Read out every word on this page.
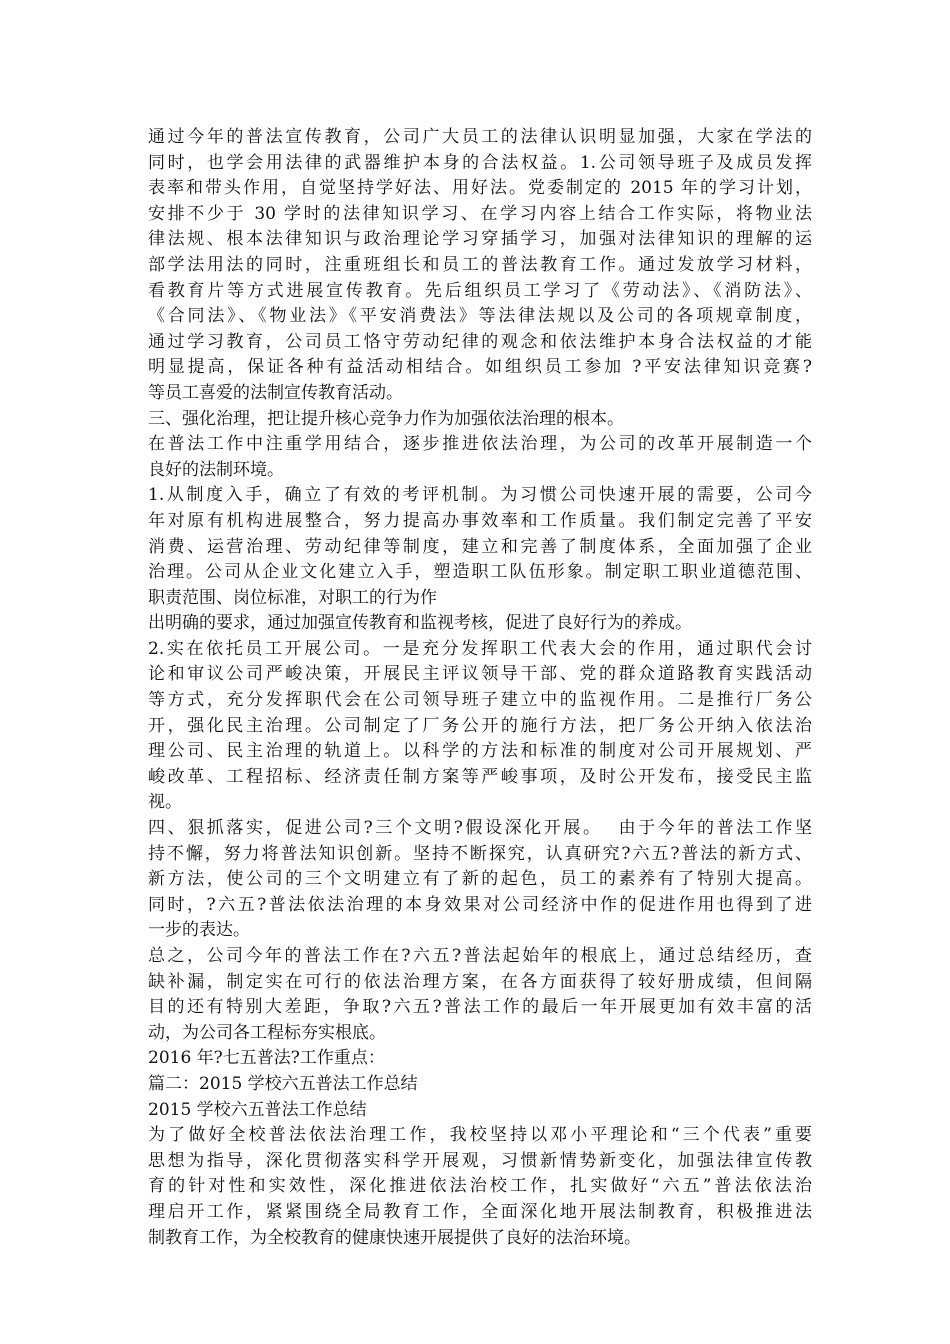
通过今年的普法宣传教育，公司广大员工的法律认识明显加强，大家在学法的
同时，也学会用法律的武器维护本身的合法权益。1.公司领导班子及成员发挥
表率和带头作用，自觉坚持学好法、用好法。党委制定的 2015 年的学习计划，
安排不少于 30 学时的法律知识学习、在学习内容上结合工作实际，将物业法
律法规、根本法律知识与政治理论学习穿插学习，加强对法律知识的理解的运
部学法用法的同时，注重班组长和员工的普法教育工作。通过发放学习材料，
看教育片等方式进展宣传教育。先后组织员工学习了《劳动法》、《消防法》、
《合同法》、《物业法》《平安消费法》等法律法规以及公司的各项规章制度，
通过学习教育，公司员工恪守劳动纪律的观念和依法维护本身合法权益的才能
明显提高，保证各种有益活动相结合。如组织员工参加 ?平安法律知识竞赛?
等员工喜爱的法制宣传教育活动。
三、强化治理，把让提升核心竞争力作为加强依法治理的根本。
在普法工作中注重学用结合，逐步推进依法治理，为公司的改革开展制造一个
良好的法制环境。
1.从制度入手，确立了有效的考评机制。为习惯公司快速开展的需要，公司今
年对原有机构进展整合，努力提高办事效率和工作质量。我们制定完善了平安
消费、运营治理、劳动纪律等制度，建立和完善了制度体系，全面加强了企业
治理。公司从企业文化建立入手，塑造职工队伍形象。制定职工职业道德范围、
职责范围、岗位标准，对职工的行为作
出明确的要求，通过加强宣传教育和监视考核，促进了良好行为的养成。
2.实在依托员工开展公司。一是充分发挥职工代表大会的作用，通过职代会讨
论和审议公司严峻决策，开展民主评议领导干部、党的群众道路教育实践活动
等方式，充分发挥职代会在公司领导班子建立中的监视作用。二是推行厂务公
开，强化民主治理。公司制定了厂务公开的施行方法，把厂务公开纳入依法治
理公司、民主治理的轨道上。以科学的方法和标准的制度对公司开展规划、严
峻改革、工程招标、经济责任制方案等严峻事项，及时公开发布，接受民主监
视。
四、狠抓落实，促进公司?三个文明?假设深化开展。  由于今年的普法工作坚
持不懈，努力将普法知识创新。坚持不断探究，认真研究?六五?普法的新方式、
新方法，使公司的三个文明建立有了新的起色，员工的素养有了特别大提高。
同时，?六五?普法依法治理的本身效果对公司经济中作的促进作用也得到了进
一步的表达。
总之，公司今年的普法工作在?六五?普法起始年的根底上，通过总结经历，查
缺补漏，制定实在可行的依法治理方案，在各方面获得了较好册成绩，但间隔
目的还有特别大差距，争取?六五?普法工作的最后一年开展更加有效丰富的活
动，为公司各工程标夯实根底。
2016 年?七五普法?工作重点：
篇二：2015 学校六五普法工作总结
2015 学校六五普法工作总结
为了做好全校普法依法治理工作，我校坚持以邓小平理论和“三个代表”重要
思想为指导，深化贯彻落实科学开展观，习惯新情势新变化，加强法律宣传教
育的针对性和实效性，深化推进依法治校工作，扎实做好“六五”普法依法治
理启开工作，紧紧围绕全局教育工作，全面深化地开展法制教育，积极推进法
制教育工作，为全校教育的健康快速开展提供了良好的法治环境。
